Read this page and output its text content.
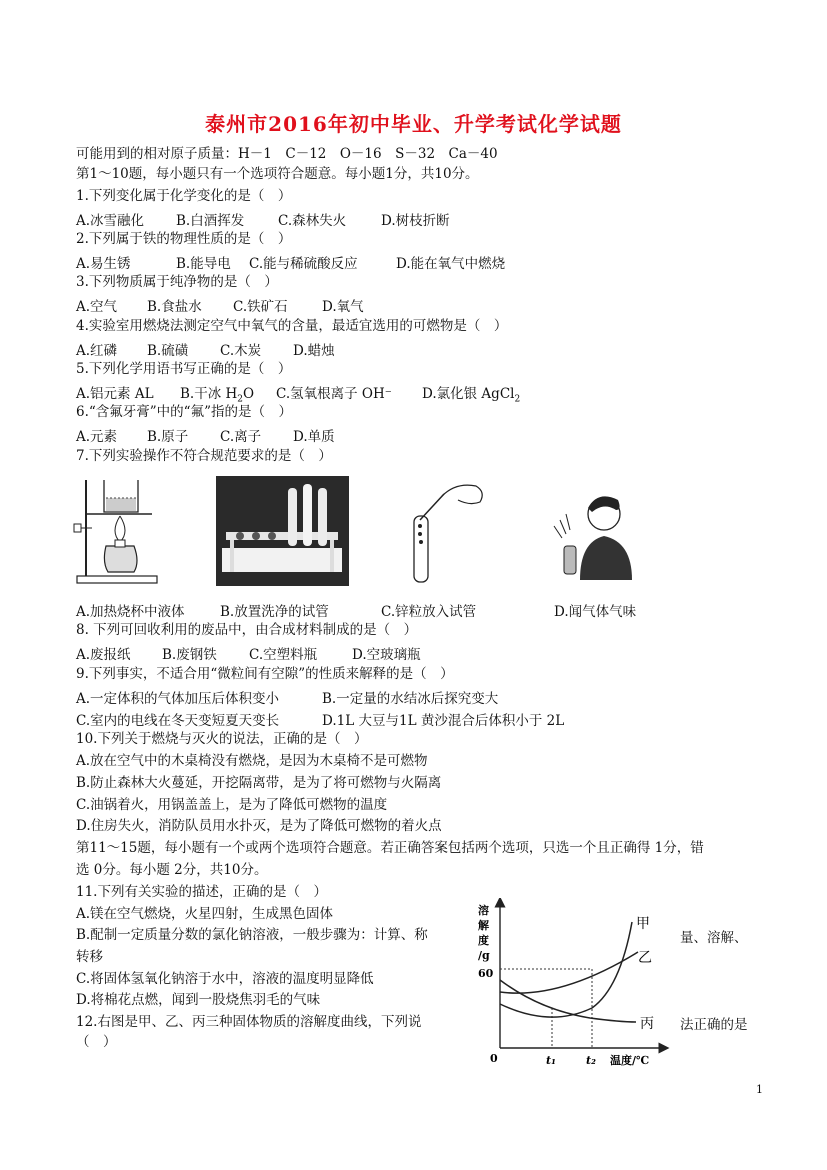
泰州市2016年初中毕业、升学考试化学试题
可能用到的相对原子质量：H－1　C－12　O－16　S－32　Ca－40
第1～10题，每小题只有一个选项符合题意。每小题1分，共10分。
1.下列变化属于化学变化的是（　）
A.冰雪融化 B.白酒挥发	C.森林失火	D.树枝折断
2.下列属于铁的物理性质的是（　）
A.易生锈	B.能导电 C.能与稀硫酸反应	D.能在氧气中燃烧
3.下列物质属于纯净物的是（　）
A.空气 B.食盐水 C.铁矿石	D.氧气
4.实验室用燃烧法测定空气中氧气的含量，最适宜选用的可燃物是（　）
A.红磷 B.硫磺 C.木炭 D.蜡烛
5.下列化学用语书写正确的是（　）
A.铝元素 AL B.干冰 $H_2O$ C.氢氧根离子 OH⁻ D.氯化银 AgCl$_2$
6.“含氟牙膏”中的“氟”指的是（　）
A.元素 B.原子 C.离子 D.单质
7.下列实验操作不符合规范要求的是（　）
A.加热烧杯中液体	B.放置洗净的试管	C.锌粒放入试管	D.闻气体气味
8. 下列可回收利用的废品中，由合成材料制成的是（　）
A.废报纸 B.废钢铁 C.空塑料瓶	D.空玻璃瓶
9.下列事实，不适合用“微粒间有空隙”的性质来解释的是（　）
A.一定体积的气体加压后体积变小	B.一定量的水结冰后探究变大
C.室内的电线在冬天变短夏天变长	D.1L 大豆与1L 黄沙混合后体积小于 2L
10.下列关于燃烧与灭火的说法，正确的是（　）
A.放在空气中的木桌椅没有燃烧，是因为木桌椅不是可燃物
B.防止森林大火蔓延，开挖隔离带，是为了将可燃物与火隔离
C.油锅着火，用锅盖盖上，是为了降低可燃物的温度
D.住房失火，消防队员用水扑灭，是为了降低可燃物的着火点
第11～15题，每小题有一个或两个选项符合题意。若正确答案包括两个选项，只选一个且正确得 1分，错
选 0分。每小题 2分，共10分。
11.下列有关实验的描述，正确的是（　）
A.镁在空气燃烧，火星四射，生成黑色固体
B.配制一定质量分数的氯化钠溶液，一般步骤为：计算、称	量、溶解、
转移
C.将固体氢氧化钠溶于水中，溶液的温度明显降低
D.将棉花点燃，闻到一股烧焦羽毛的气味
12.右图是甲、乙、丙三种固体物质的溶解度曲线，下列说	法正确的是
（　）
溶
解
度
/g
60
甲
乙
丙
0	t₁	t₂ 温度/℃
1
